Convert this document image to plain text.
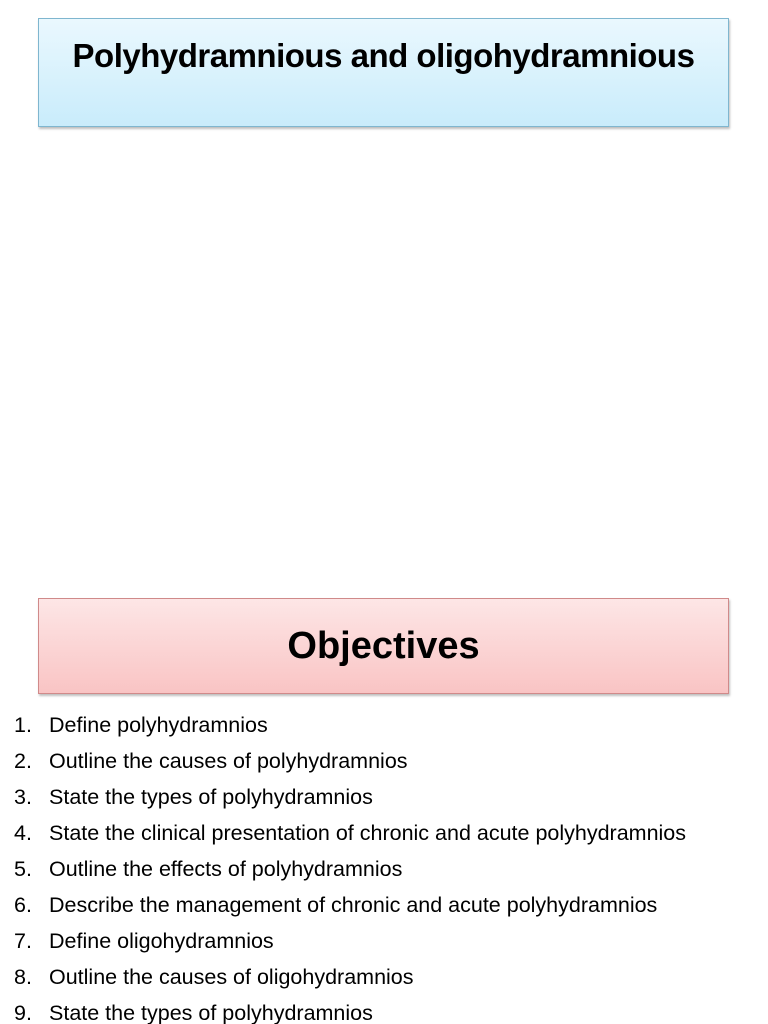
Polyhydramnious and oligohydramnious
Objectives
1. Define polyhydramnios
2. Outline the causes of polyhydramnios
3. State the types of polyhydramnios
4. State the clinical presentation of chronic and acute polyhydramnios
5. Outline the effects of polyhydramnios
6. Describe the management of chronic and acute polyhydramnios
7. Define oligohydramnios
8. Outline the causes of oligohydramnios
9. State the types of polyhydramnios
